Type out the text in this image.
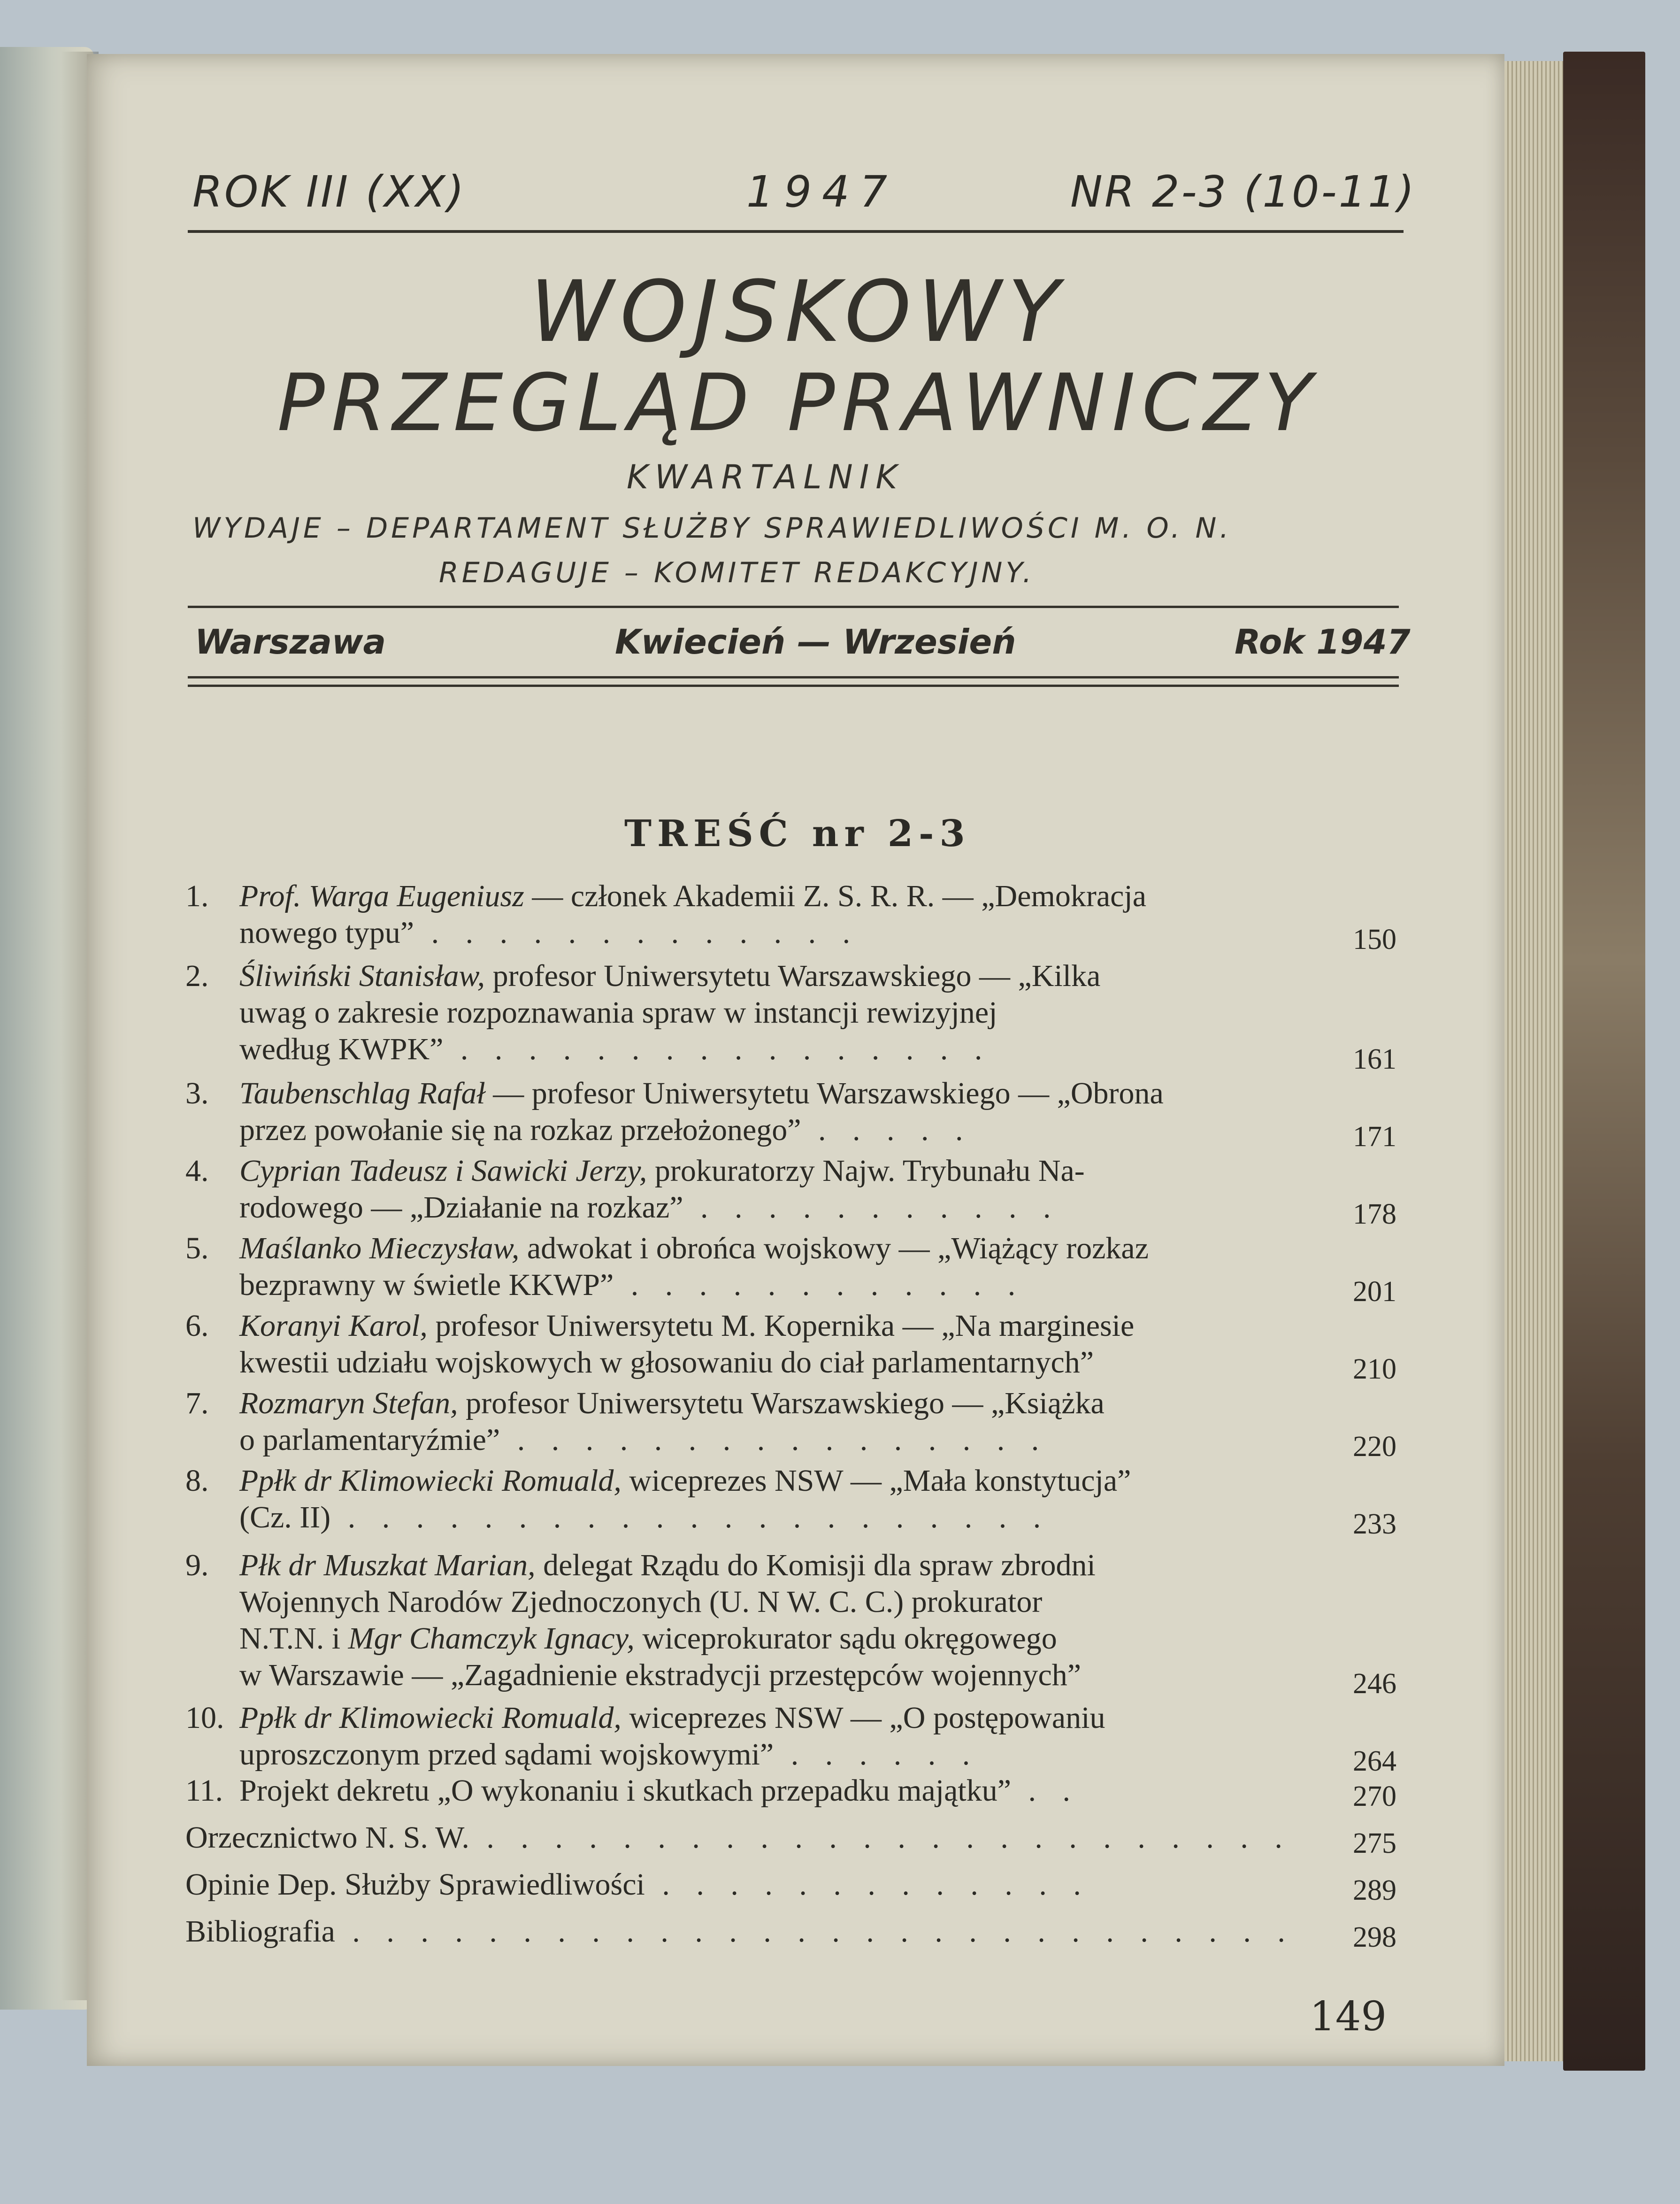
ROK III (XX)	1947	NR 2-3 (10-11)
WOJSKOWY
PRZEGLĄD PRAWNICZY
KWARTALNIK
WYDAJE – DEPARTAMENT SŁUŻBY SPRAWIEDLIWOŚCI M. O. N.
REDAGUJE – KOMITET REDAKCYJNY.
Warszawa	Kwiecień — Wrzesień	Rok 1947
TREŚĆ nr 2-3
1. Prof. Warga Eugeniusz — członek Akademii Z. S. R. R. — „Demokracja
nowego typu” . . . . . . . . . . . . .	150
2. Śliwiński Stanisław, profesor Uniwersytetu Warszawskiego — „Kilka
uwag o zakresie rozpoznawania spraw w instancji rewizyjnej
według KWPK” . . . . . . . . . . . . . . . .	161
3. Taubenschlag Rafał — profesor Uniwersytetu Warszawskiego — „Obrona
przez powołanie się na rozkaz przełożonego” . . . . .	171
4. Cyprian Tadeusz i Sawicki Jerzy, prokuratorzy Najw. Trybunału Na-
rodowego — „Działanie na rozkaz” . . . . . . . . . . .	178
5. Maślanko Mieczysław, adwokat i obrońca wojskowy — „Wiążący rozkaz
bezprawny w świetle KKWP” . . . . . . . . . . . .	201
6. Koranyi Karol, profesor Uniwersytetu M. Kopernika — „Na marginesie
kwestii udziału wojskowych w głosowaniu do ciał parlamentarnych”	210
7. Rozmaryn Stefan, profesor Uniwersytetu Warszawskiego — „Książka
o parlamentaryźmie” . . . . . . . . . . . . . . . .	220
8. Ppłk dr Klimowiecki Romuald, wiceprezes NSW — „Mała konstytucja”
(Cz. II) . . . . . . . . . . . . . . . . . . . . .	233
9. Płk dr Muszkat Marian, delegat Rządu do Komisji dla spraw zbrodni
Wojennych Narodów Zjednoczonych (U. N W. C. C.) prokurator
N.T.N. i Mgr Chamczyk Ignacy, wiceprokurator sądu okręgowego
w Warszawie — „Zagadnienie ekstradycji przestępców wojennych”	246
10. Ppłk dr Klimowiecki Romuald, wiceprezes NSW — „O postępowaniu
uproszczonym przed sądami wojskowymi” . . . . . .	264
11. Projekt dekretu „O wykonaniu i skutkach przepadku majątku” . .	270
Orzecznictwo N. S. W. . . . . . . . . . . . . . . . . . . . . . . . .	275
Opinie Dep. Służby Sprawiedliwości . . . . . . . . . . . . .	289
Bibliografia . . . . . . . . . . . . . . . . . . . . . . . . . . . .	298
149
